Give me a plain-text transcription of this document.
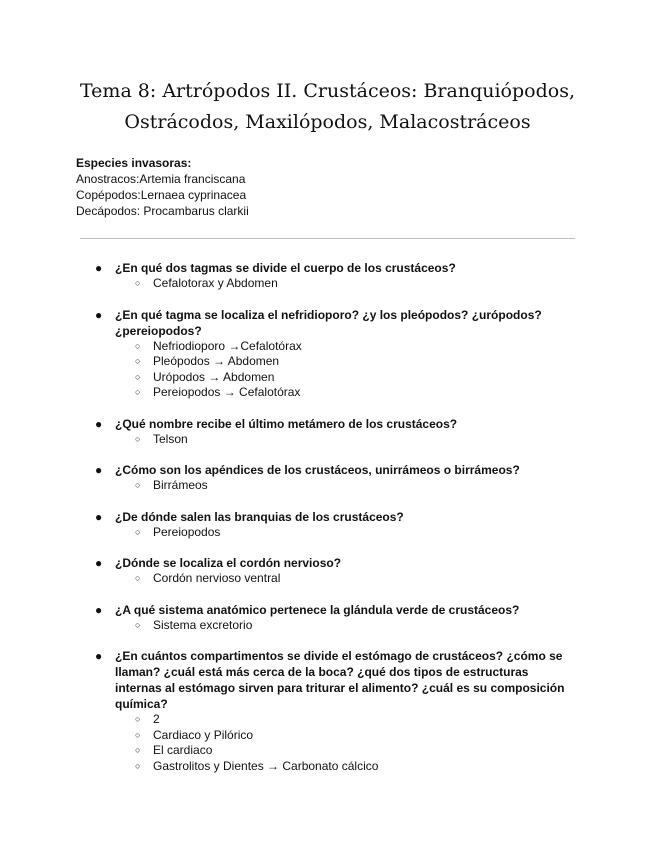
Tema 8: Artrópodos II. Crustáceos: Branquiópodos,
Ostrácodos, Maxilópodos, Malacostráceos
Especies invasoras:
Anostracos:Artemia franciscana
Copépodos:Lernaea cyprinacea
Decápodos: Procambarus clarkii
● ¿En qué dos tagmas se divide el cuerpo de los crustáceos?
○ Cefalotorax y Abdomen
● ¿En qué tagma se localiza el nefridioporo? ¿y los pleópodos? ¿urópodos? ¿pereiopodos?
○ Nefriodioporo →Cefalotórax
○ Pleópodos → Abdomen
○ Urópodos → Abdomen
○ Pereiopodos → Cefalotórax
● ¿Qué nombre recibe el último metámero de los crustáceos?
○ Telson
● ¿Cómo son los apéndices de los crustáceos, unirrámeos o birrámeos?
○ Birrámeos
● ¿De dónde salen las branquias de los crustáceos?
○ Pereiopodos
● ¿Dónde se localiza el cordón nervioso?
○ Cordón nervioso ventral
● ¿A qué sistema anatómico pertenece la glándula verde de crustáceos?
○ Sistema excretorio
● ¿En cuántos compartimentos se divide el estómago de crustáceos? ¿cómo se llaman? ¿cuál está más cerca de la boca? ¿qué dos tipos de estructuras internas al estómago sirven para triturar el alimento? ¿cuál es su composición química?
○ 2
○ Cardiaco y Pilórico
○ El cardiaco
○ Gastrolitos y Dientes → Carbonato cálcico
